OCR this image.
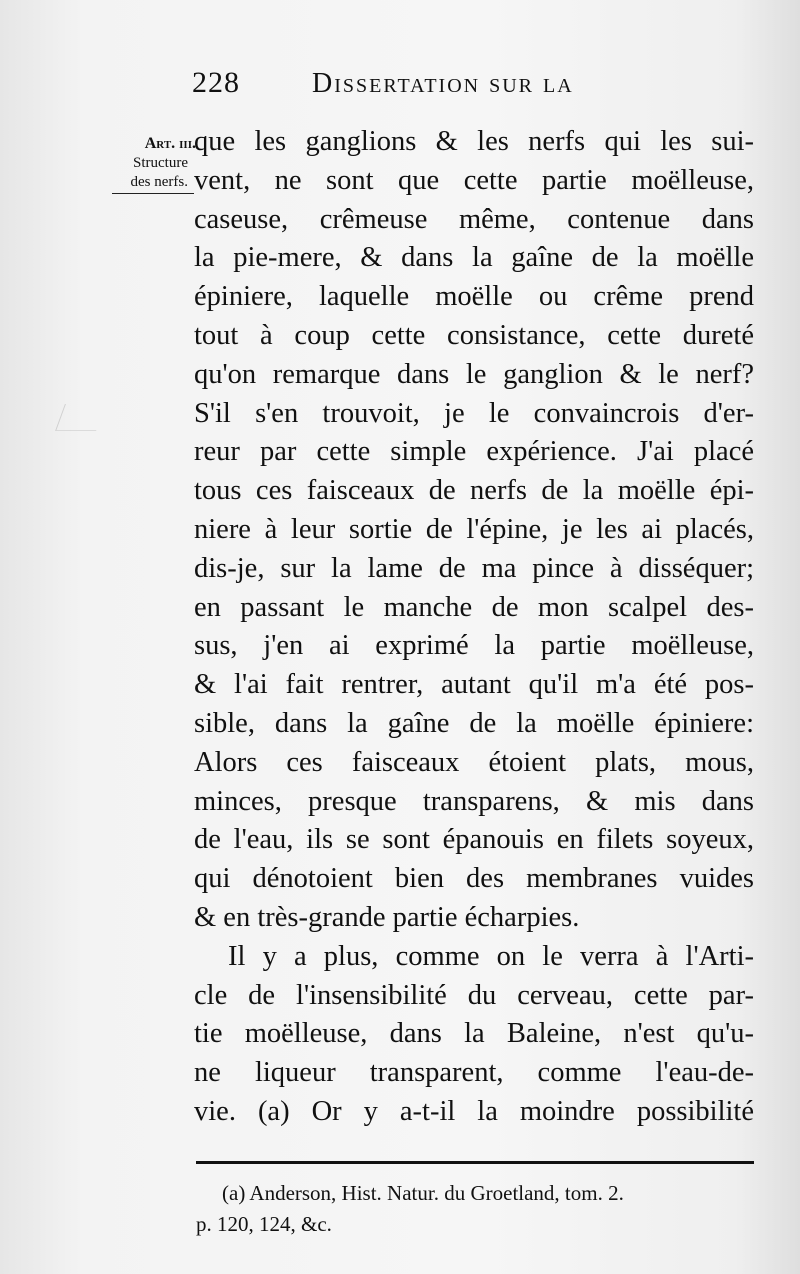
228	Dissertation sur la
Art. iii.

Structure
des nerfs.
que les ganglions & les nerfs qui les sui-
vent, ne sont que cette partie moëlleuse,
caseuse, crêmeuse même, contenue dans
la pie-mere, & dans la gaîne de la moëlle
épiniere, laquelle moëlle ou crême prend
tout à coup cette consistance, cette dureté
qu'on remarque dans le ganglion & le nerf?
S'il s'en trouvoit, je le convaincrois d'er-
reur par cette simple expérience. J'ai placé
tous ces faisceaux de nerfs de la moëlle épi-
niere à leur sortie de l'épine, je les ai placés,
dis-je, sur la lame de ma pince à disséquer;
en passant le manche de mon scalpel des-
sus, j'en ai exprimé la partie moëlleuse,
& l'ai fait rentrer, autant qu'il m'a été pos-
sible, dans la gaîne de la moëlle épiniere:
Alors ces faisceaux étoient plats, mous,
minces, presque transparens, & mis dans
de l'eau, ils se sont épanouis en filets soyeux,
qui dénotoient bien des membranes vuides
& en très-grande partie écharpies.
Il y a plus, comme on le verra à l'Arti-
cle de l'insensibilité du cerveau, cette par-
tie moëlleuse, dans la Baleine, n'est qu'u-
ne liqueur transparent, comme l'eau-de-
vie. (a) Or y a-t-il la moindre possibilité
(a) Anderson, Hist. Natur. du Groetland, tom. 2.
p. 120, 124, &c.
